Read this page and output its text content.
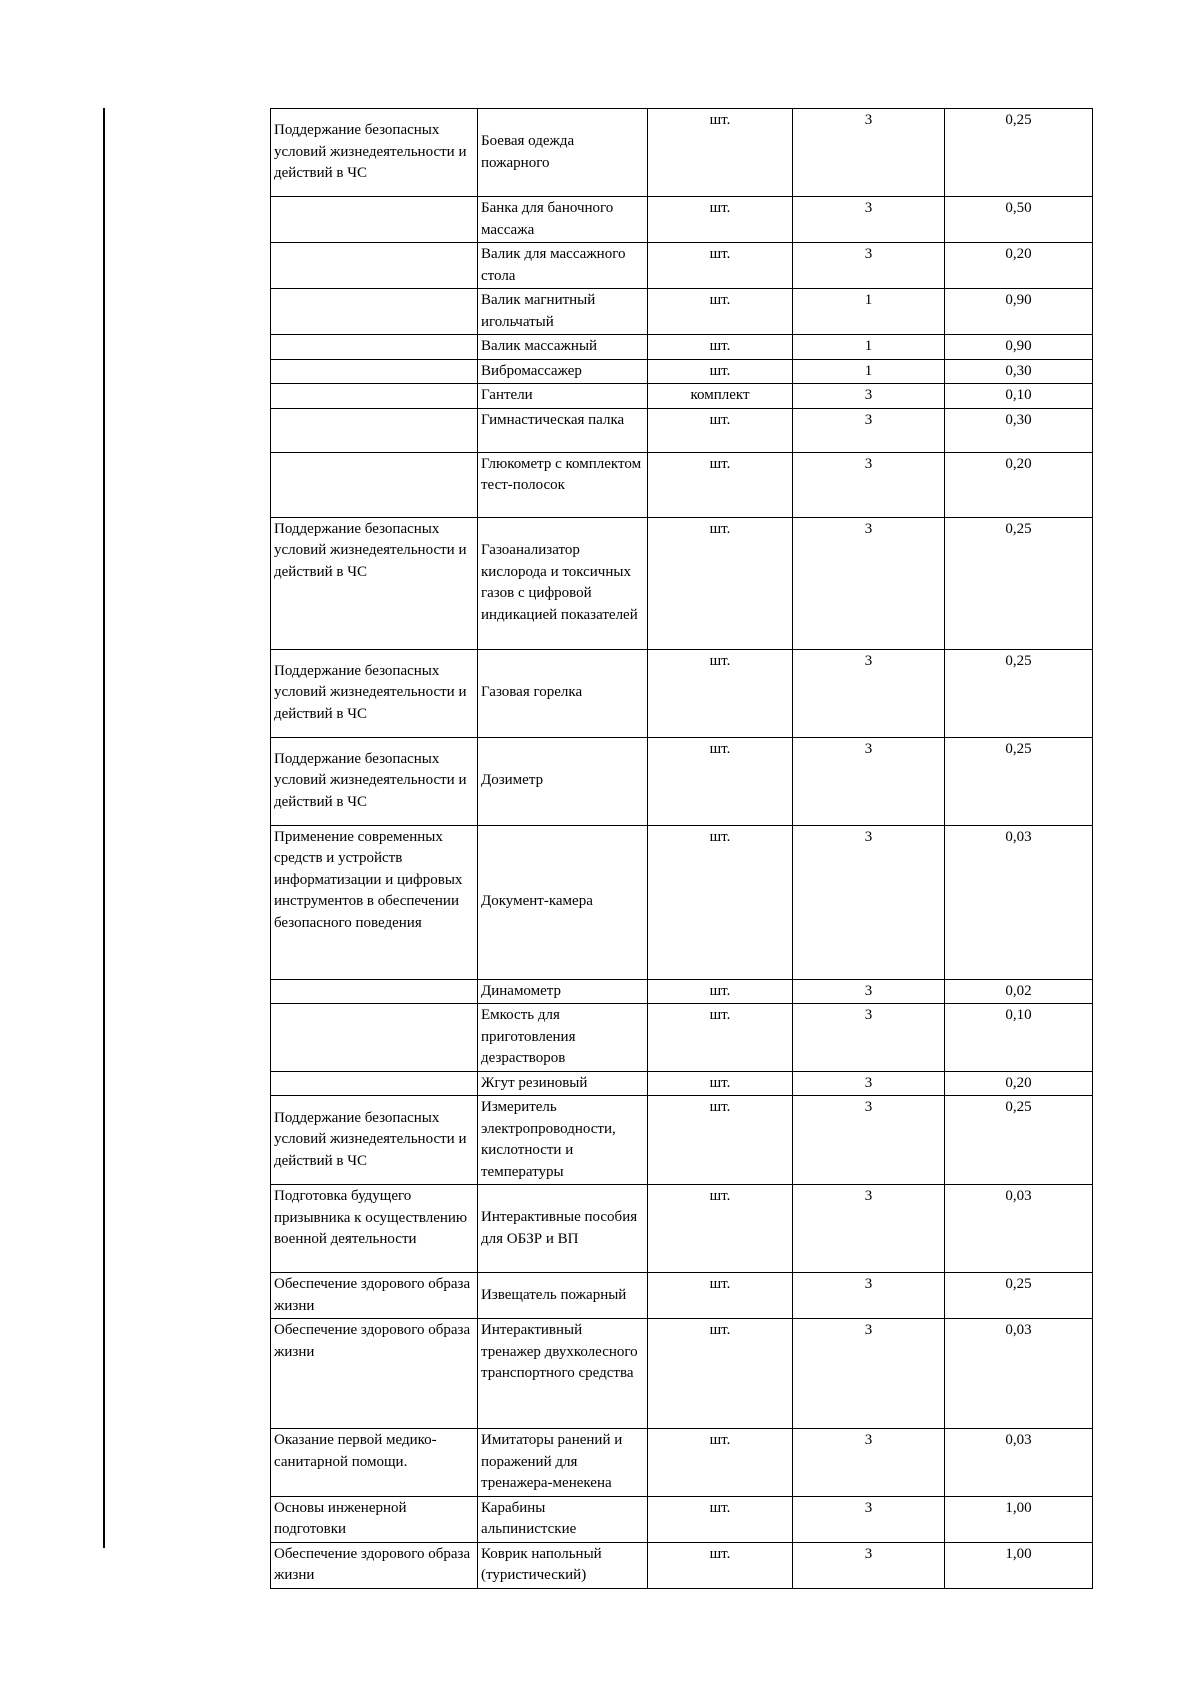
Поддержание безопасных условий жизнедеятельности и действий в ЧС	Боевая одежда пожарного	шт.	3	0,25
	Банка для баночного массажа	шт.	3	0,50
	Валик для массажного стола	шт.	3	0,20
	Валик магнитный игольчатый	шт.	1	0,90
	Валик массажный	шт.	1	0,90
	Вибромассажер	шт.	1	0,30
	Гантели	комплект	3	0,10
	Гимнастическая палка	шт.	3	0,30
	Глюкометр с комплектом тест-полосок	шт.	3	0,20
Поддержание безопасных условий жизнедеятельности и действий в ЧС	Газоанализатор кислорода и токсичных газов с цифровой индикацией показателей	шт.	3	0,25
Поддержание безопасных условий жизнедеятельности и действий в ЧС	Газовая горелка	шт.	3	0,25
Поддержание безопасных условий жизнедеятельности и действий в ЧС	Дозиметр	шт.	3	0,25
Применение современных средств и устройств информатизации и цифровых инструментов в обеспечении безопасного поведения	Документ-камера	шт.	3	0,03
	Динамометр	шт.	3	0,02
	Емкость для приготовления дезрастворов	шт.	3	0,10
	Жгут резиновый	шт.	3	0,20
Поддержание безопасных условий жизнедеятельности и действий в ЧС	Измеритель электропроводности, кислотности и температуры	шт.	3	0,25
Подготовка будущего призывника к осуществлению военной деятельности	Интерактивные пособия для ОБЗР и ВП	шт.	3	0,03
Обеспечение здорового образа жизни	Извещатель пожарный	шт.	3	0,25
Обеспечение здорового образа жизни	Интерактивный тренажер двухколесного транспортного средства	шт.	3	0,03
Оказание первой медико-санитарной помощи.	Имитаторы ранений и поражений для тренажера-менекена	шт.	3	0,03
Основы инженерной подготовки	Карабины альпинистские	шт.	3	1,00
Обеспечение здорового образа жизни	Коврик напольный (туристический)	шт.	3	1,00
